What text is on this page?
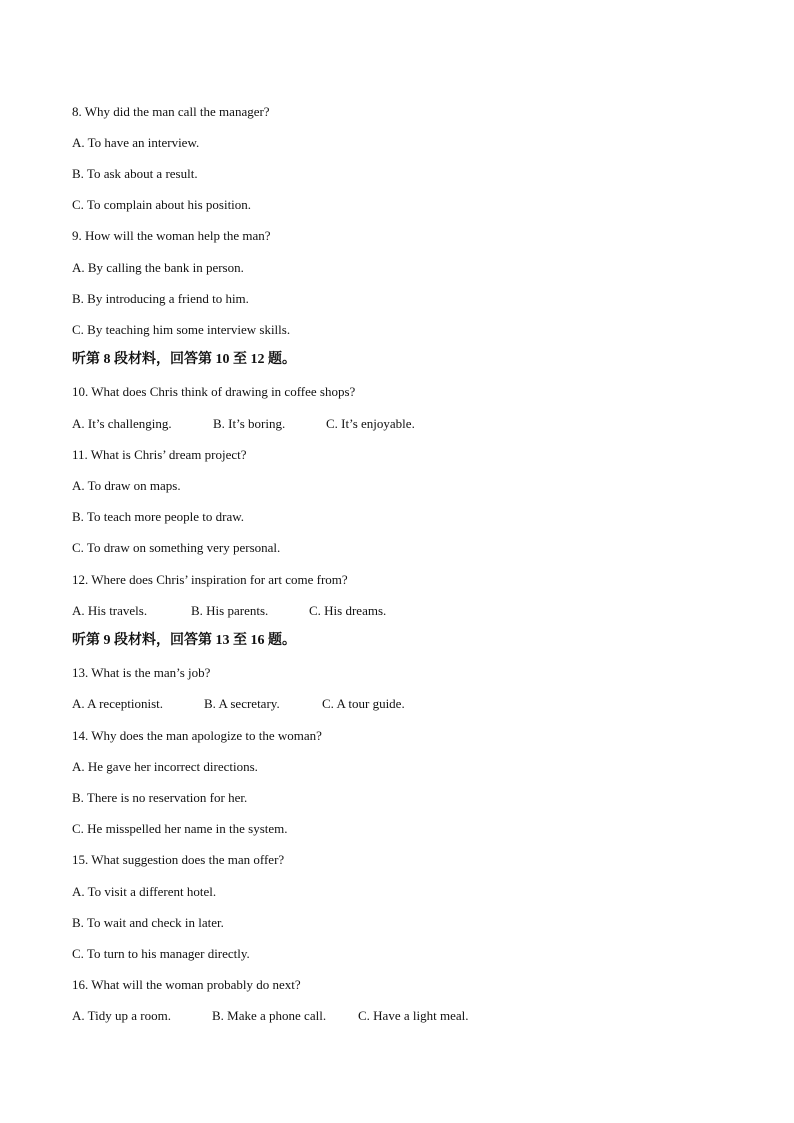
8. Why did the man call the manager?
A. To have an interview.
B. To ask about a result.
C. To complain about his position.
9. How will the woman help the man?
A. By calling the bank in person.
B. By introducing a friend to him.
C. By teaching him some interview skills.
听第 8 段材料，回答第 10 至 12 题。
10. What does Chris think of drawing in coffee shops?
A. It’s challenging.	B. It’s boring.	C. It’s enjoyable.
11. What is Chris’ dream project?
A. To draw on maps.
B. To teach more people to draw.
C. To draw on something very personal.
12. Where does Chris’ inspiration for art come from?
A. His travels.	B. His parents.	C. His dreams.
听第 9 段材料，回答第 13 至 16 题。
13. What is the man’s job?
A. A receptionist.	B. A secretary.	C. A tour guide.
14. Why does the man apologize to the woman?
A. He gave her incorrect directions.
B. There is no reservation for her.
C. He misspelled her name in the system.
15. What suggestion does the man offer?
A. To visit a different hotel.
B. To wait and check in later.
C. To turn to his manager directly.
16. What will the woman probably do next?
A. Tidy up a room.	B. Make a phone call. C. Have a light meal.
